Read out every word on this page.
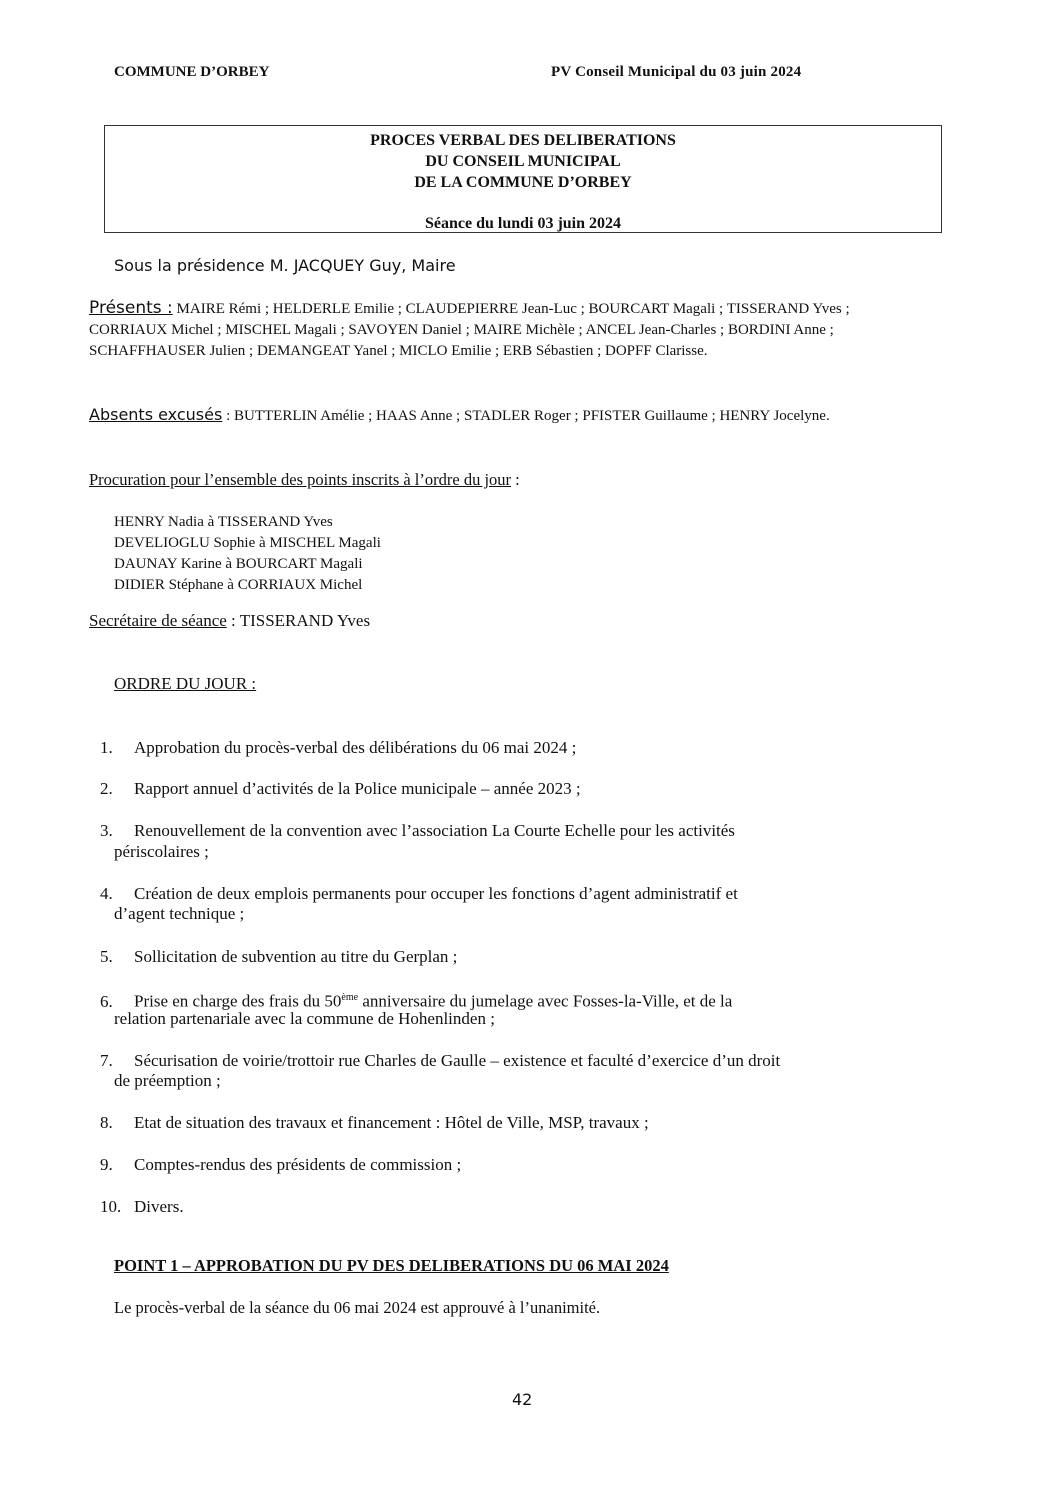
COMMUNE D’ORBEY	PV Conseil Municipal du 03 juin 2024
PROCES VERBAL DES DELIBERATIONS
DU CONSEIL MUNICIPAL
DE LA COMMUNE D’ORBEY
Séance du lundi 03 juin 2024
Sous la présidence M. JACQUEY Guy, Maire
Présents : MAIRE Rémi ; HELDERLE Emilie ; CLAUDEPIERRE Jean-Luc ; BOURCART Magali ; TISSERAND Yves ;
CORRIAUX Michel ; MISCHEL Magali ; SAVOYEN Daniel ; MAIRE Michèle ; ANCEL Jean-Charles ; BORDINI Anne ;
SCHAFFHAUSER Julien ; DEMANGEAT Yanel ; MICLO Emilie ; ERB Sébastien ; DOPFF Clarisse.
Absents excusés : BUTTERLIN Amélie ; HAAS Anne ; STADLER Roger ; PFISTER Guillaume ; HENRY Jocelyne.
Procuration pour l’ensemble des points inscrits à l’ordre du jour :
HENRY Nadia à TISSERAND Yves
DEVELIOGLU Sophie à MISCHEL Magali
DAUNAY Karine à BOURCART Magali
DIDIER Stéphane à CORRIAUX Michel
Secrétaire de séance : TISSERAND Yves
ORDRE DU JOUR :
1. Approbation du procès-verbal des délibérations du 06 mai 2024 ;
2. Rapport annuel d’activités de la Police municipale – année 2023 ;
3. Renouvellement de la convention avec l’association La Courte Echelle pour les activités
périscolaires ;
4. Création de deux emplois permanents pour occuper les fonctions d’agent administratif et
d’agent technique ;
5. Sollicitation de subvention au titre du Gerplan ;
6. Prise en charge des frais du 50ème anniversaire du jumelage avec Fosses-la-Ville, et de la
relation partenariale avec la commune de Hohenlinden ;
7. Sécurisation de voirie/trottoir rue Charles de Gaulle – existence et faculté d’exercice d’un droit
de préemption ;
8. Etat de situation des travaux et financement : Hôtel de Ville, MSP, travaux ;
9. Comptes-rendus des présidents de commission ;
10. Divers.
POINT 1 – APPROBATION DU PV DES DELIBERATIONS DU 06 MAI 2024
Le procès-verbal de la séance du 06 mai 2024 est approuvé à l’unanimité.
42
